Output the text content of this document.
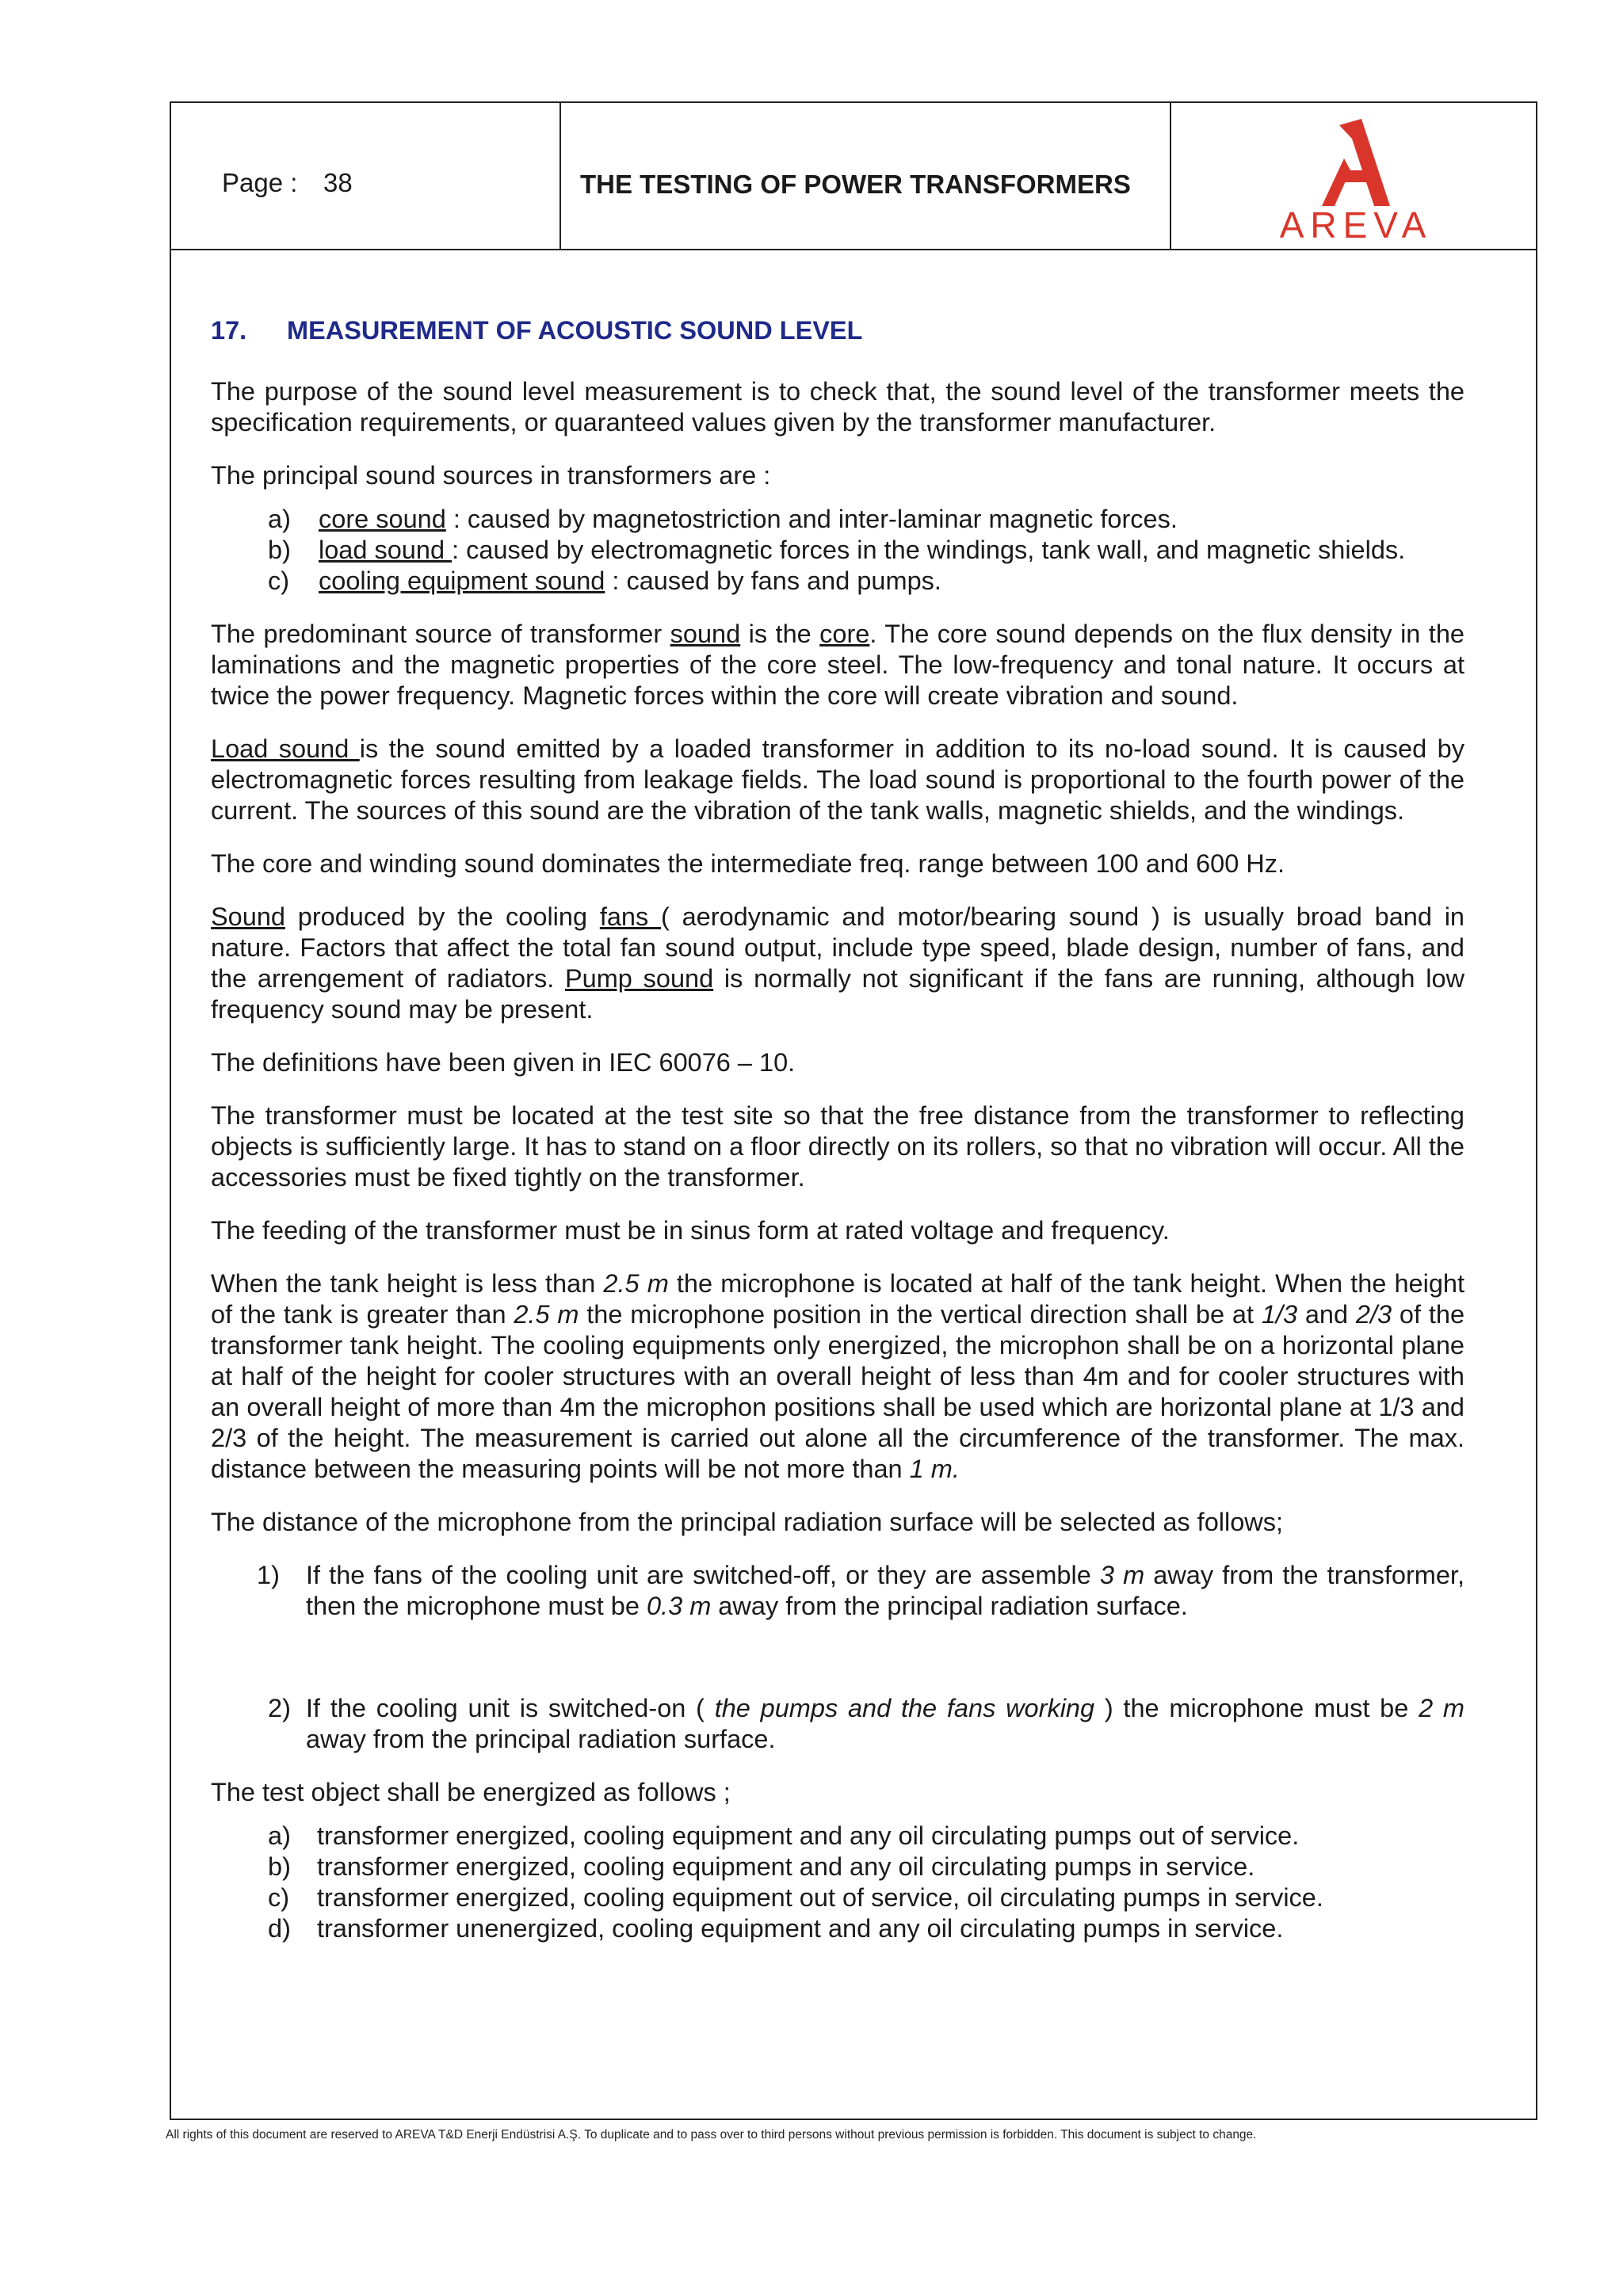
Page : 38	THE TESTING OF POWER TRANSFORMERS
AREVA
17. MEASUREMENT OF ACOUSTIC SOUND LEVEL

The purpose of the sound level measurement is to check that, the sound level of the transformer meets the specification requirements, or quaranteed values given by the transformer manufacturer.

The principal sound sources in transformers are :

a) core sound : caused by magnetostriction and inter-laminar magnetic forces.
b) load sound : caused by electromagnetic forces in the windings, tank wall, and magnetic shields.
c) cooling equipment sound : caused by fans and pumps.

The predominant source of transformer sound is the core. The core sound depends on the flux density in the laminations and the magnetic properties of the core steel. The low-frequency and tonal nature. It occurs at twice the power frequency. Magnetic forces within the core will create vibration and sound.

Load sound is the sound emitted by a loaded transformer in addition to its no-load sound. It is caused by electromagnetic forces resulting from leakage fields. The load sound is proportional to the fourth power of the current. The sources of this sound are the vibration of the tank walls, magnetic shields, and the windings.

The core and winding sound dominates the intermediate freq. range between 100 and 600 Hz.

Sound produced by the cooling fans ( aerodynamic and motor/bearing sound ) is usually broad band in nature. Factors that affect the total fan sound output, include type speed, blade design, number of fans, and the arrengement of radiators. Pump sound is normally not significant if the fans are running, although low frequency sound may be present.

The definitions have been given in IEC 60076 – 10.

The transformer must be located at the test site so that the free distance from the transformer to reflecting objects is sufficiently large. It has to stand on a floor directly on its rollers, so that no vibration will occur. All the accessories must be fixed tightly on the transformer.

The feeding of the transformer must be in sinus form at rated voltage and frequency.

When the tank height is less than 2.5 m the microphone is located at half of the tank height. When the height of the tank is greater than 2.5 m the microphone position in the vertical direction shall be at 1/3 and 2/3 of the transformer tank height. The cooling equipments only energized, the microphon shall be on a horizontal plane at half of the height for cooler structures with an overall height of less than 4m and for cooler structures with an overall height of more than 4m the microphon positions shall be used which are horizontal plane at 1/3 and 2/3 of the height. The measurement is carried out alone all the circumference of the transformer. The max. distance between the measuring points will be not more than 1 m.

The distance of the microphone from the principal radiation surface will be selected as follows;

1) If the fans of the cooling unit are switched-off, or they are assemble 3 m away from the transformer, then the microphone must be 0.3 m away from the principal radiation surface.
2) If the cooling unit is switched-on ( the pumps and the fans working ) the microphone must be 2 m away from the principal radiation surface.

The test object shall be energized as follows ;

a) transformer energized, cooling equipment and any oil circulating pumps out of service.
b) transformer energized, cooling equipment and any oil circulating pumps in service.
c) transformer energized, cooling equipment out of service, oil circulating pumps in service.
d) transformer unenergized, cooling equipment and any oil circulating pumps in service.
All rights of this document are reserved to AREVA T&D Enerji Endüstrisi A.Ş. To duplicate and to pass over to third persons without previous permission is forbidden. This document is subject to change.
